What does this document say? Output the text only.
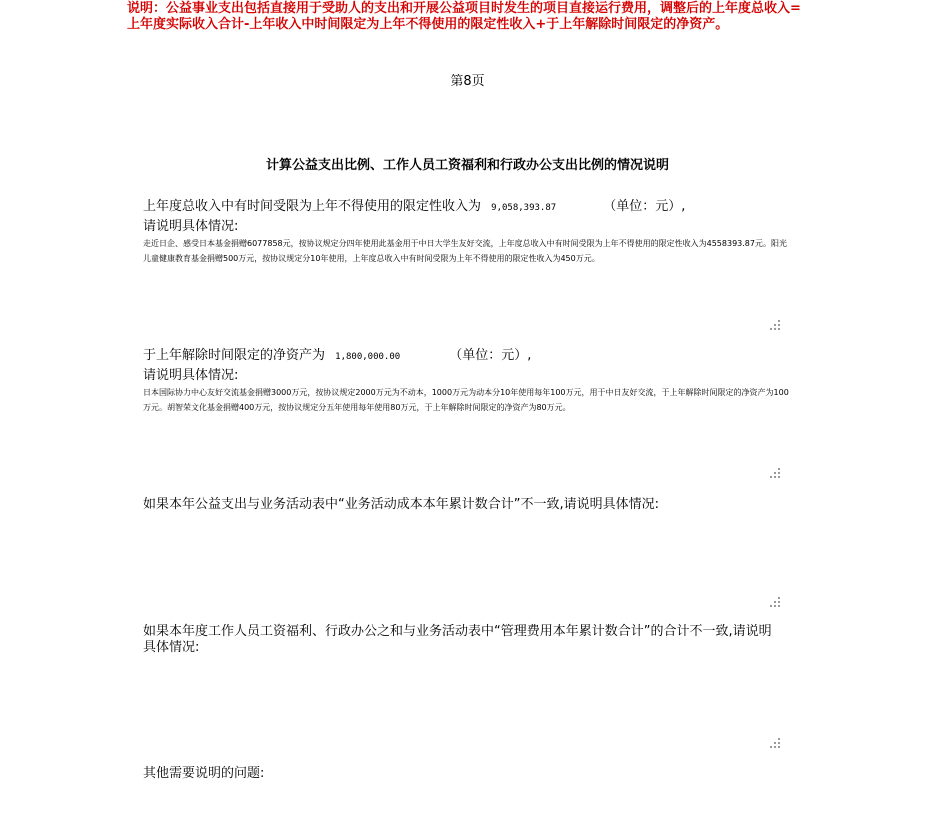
说明：公益事业支出包括直接用于受助人的支出和开展公益项目时发生的项目直接运行费用，调整后的上年度总收入=上年度实际收入合计-上年收入中时间限定为上年不得使用的限定性收入+于上年解除时间限定的净资产。
第8页
计算公益支出比例、工作人员工资福利和行政办公支出比例的情况说明
上年度总收入中有时间受限为上年不得使用的限定性收入为 9,058,393.87	（单位：元）,
请说明具体情况:
走近日企、感受日本基金捐赠6077858元，按协议规定分四年使用此基金用于中日大学生友好交流，上年度总收入中有时间受限为上年不得使用的限定性收入为4558393.87元。阳光儿童健康教育基金捐赠500万元，按协议规定分10年使用，上年度总收入中有时间受限为上年不得使用的限定性收入为450万元。
于上年解除时间限定的净资产为 1,800,000.00	（单位：元）,
请说明具体情况:
日本国际协力中心友好交流基金捐赠3000万元，按协议规定2000万元为不动本，1000万元为动本分10年使用每年100万元，用于中日友好交流，于上年解除时间限定的净资产为100万元。胡智荣文化基金捐赠400万元，按协议规定分五年使用每年使用80万元，于上年解除时间限定的净资产为80万元。
如果本年公益支出与业务活动表中“业务活动成本本年累计数合计”不一致,请说明具体情况:
如果本年度工作人员工资福利、行政办公之和与业务活动表中“管理费用本年累计数合计”的合计不一致,请说明具体情况:
其他需要说明的问题:
